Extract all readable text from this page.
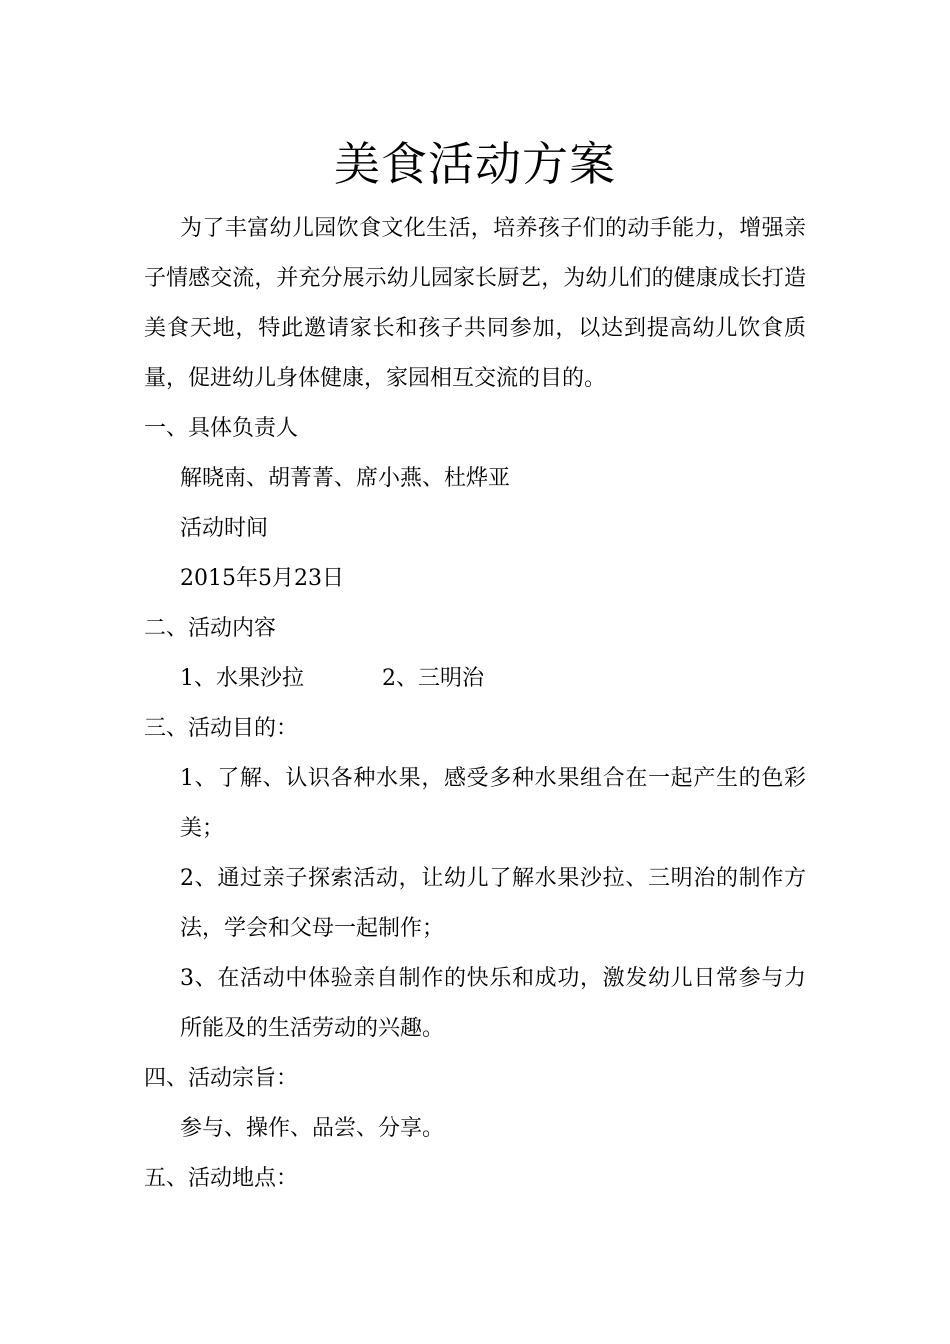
美食活动方案

为了丰富幼儿园饮食文化生活，培养孩子们的动手能力，增强亲子情感交流，并充分展示幼儿园家长厨艺，为幼儿们的健康成长打造美食天地，特此邀请家长和孩子共同参加，以达到提高幼儿饮食质量，促进幼儿身体健康，家园相互交流的目的。

一、具体负责人

解晓南、胡菁菁、席小燕、杜烨亚

活动时间

2015年5月23日

二、活动内容

1、水果沙拉	2、三明治

三、活动目的：

1、了解、认识各种水果，感受多种水果组合在一起产生的色彩美；

2、通过亲子探索活动，让幼儿了解水果沙拉、三明治的制作方法，学会和父母一起制作；

3、在活动中体验亲自制作的快乐和成功，激发幼儿日常参与力所能及的生活劳动的兴趣。

四、活动宗旨：

参与、操作、品尝、分享。

五、活动地点：
